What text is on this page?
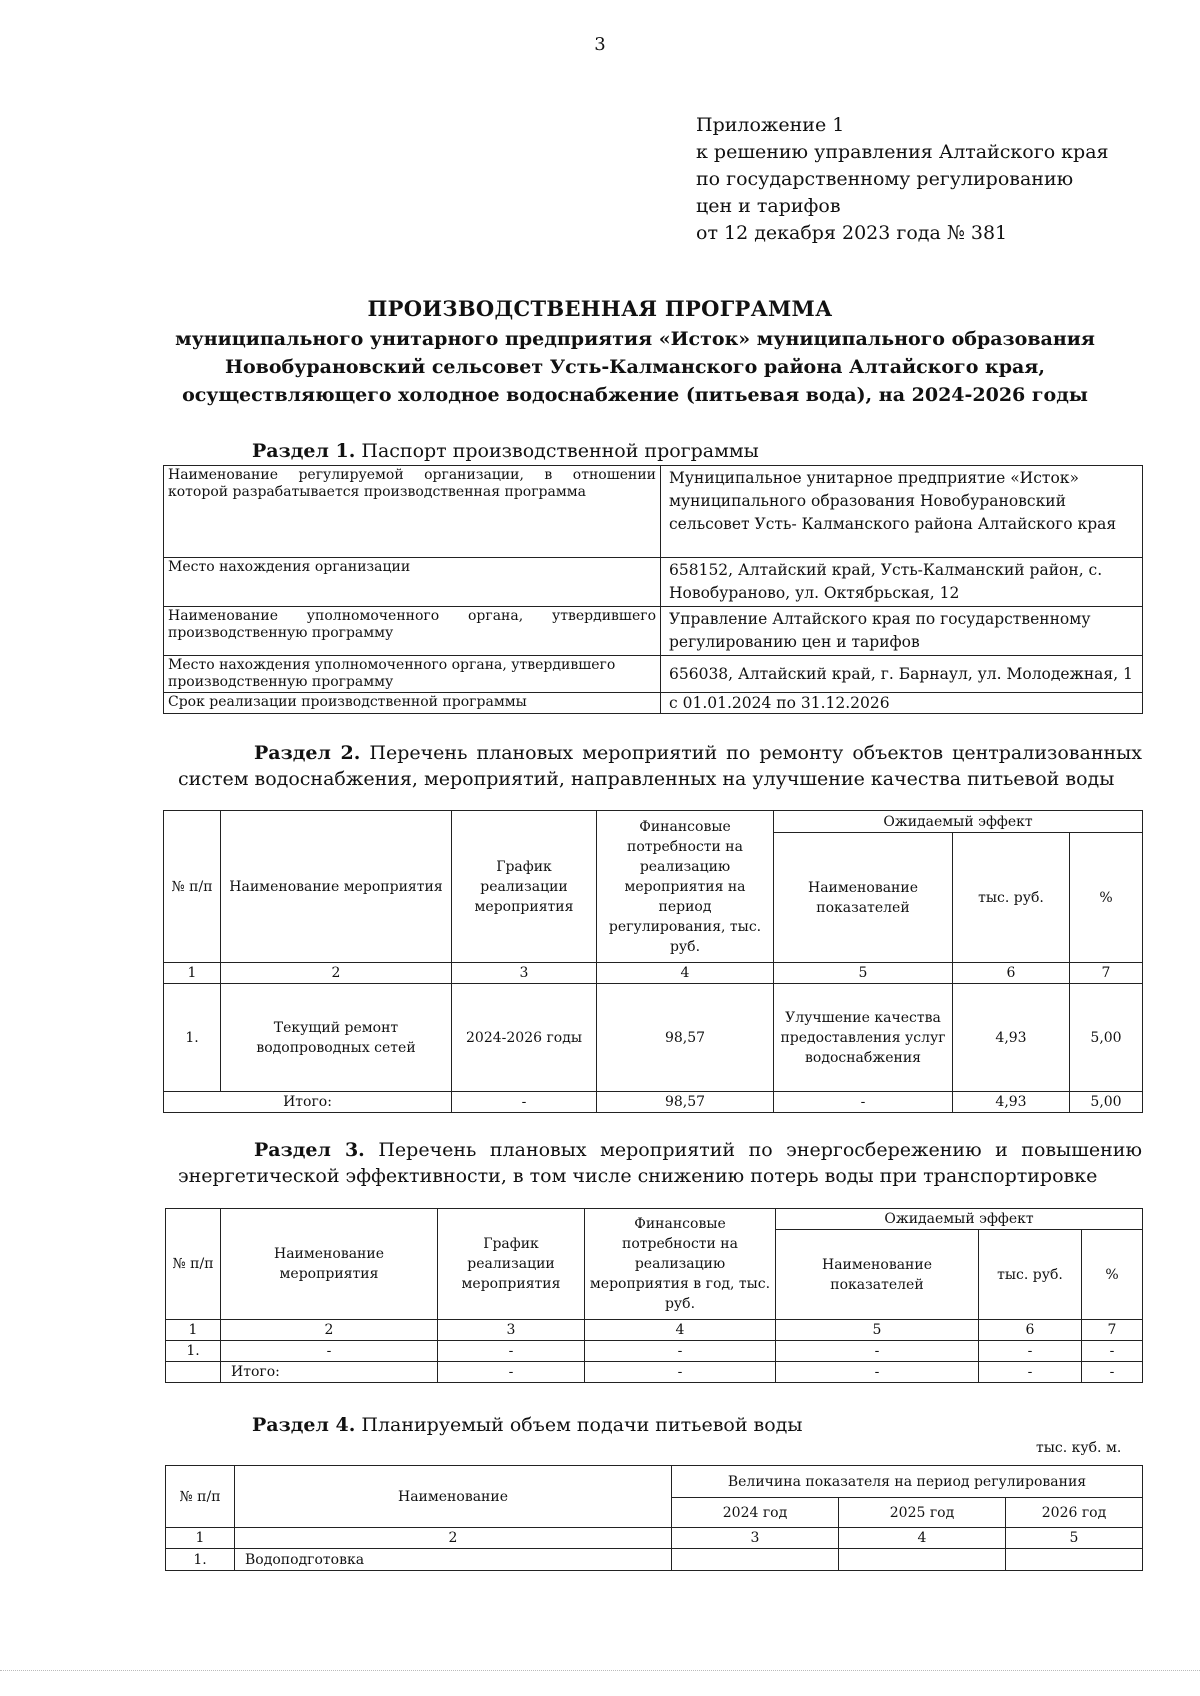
3
Приложение 1
к решению управления Алтайского края
по государственному регулированию
цен и тарифов
от 12 декабря 2023 года № 381
ПРОИЗВОДСТВЕННАЯ ПРОГРАММА
муниципального унитарного предприятия «Исток» муниципального образования
Новобурановский сельсовет Усть-Калманского района Алтайского края,
осуществляющего холодное водоснабжение (питьевая вода), на 2024-2026 годы
Раздел 1. Паспорт производственной программы
Наименование регулируемой организации, в отношении которой разрабатывается производственная программа	Муниципальное унитарное предприятие «Исток» муниципального образования Новобурановский сельсовет Усть- Калманского района Алтайского края
Место нахождения организации	658152, Алтайский край, Усть-Калманский район, с. Новобураново, ул. Октябрьская, 12
Наименование уполномоченного органа, утвердившего производственную программу	Управление Алтайского края по государственному регулированию цен и тарифов
Место нахождения уполномоченного органа, утвердившего производственную программу	656038, Алтайский край, г. Барнаул, ул. Молодежная, 1
Срок реализации производственной программы	с 01.01.2024 по 31.12.2026
Раздел 2. Перечень плановых мероприятий по ремонту объектов централизованных систем водоснабжения, мероприятий, направленных на улучшение качества питьевой воды
№ п/п	Наименование мероприятия	График реализации мероприятия	Финансовые потребности на реализацию мероприятия на период регулирования, тыс. руб.	Ожидаемый эффект		
				Наименование показателей	тыс. руб.	%
1	2	3	4	5	6	7
1.	Текущий ремонт водопроводных сетей	2024-2026 годы	98,57	Улучшение качества предоставления услуг водоснабжения	4,93	5,00
Итого:		-	98,57	-	4,93	5,00
Раздел 3. Перечень плановых мероприятий по энергосбережению и повышению энергетической эффективности, в том числе снижению потерь воды при транспортировке
№ п/п	Наименование мероприятия	График реализации мероприятия	Финансовые потребности на реализацию мероприятия в год, тыс. руб.	Ожидаемый эффект		
				Наименование показателей	тыс. руб.	%
1	2	3	4	5	6	7
1.	-	-	-	-	-	-
	Итого:	-	-	-	-	-
Раздел 4. Планируемый объем подачи питьевой воды
тыс. куб. м.
№ п/п	Наименование	Величина показателя на период регулирования		
		2024 год	2025 год	2026 год
1	2	3	4	5
1.	Водоподготовка			
